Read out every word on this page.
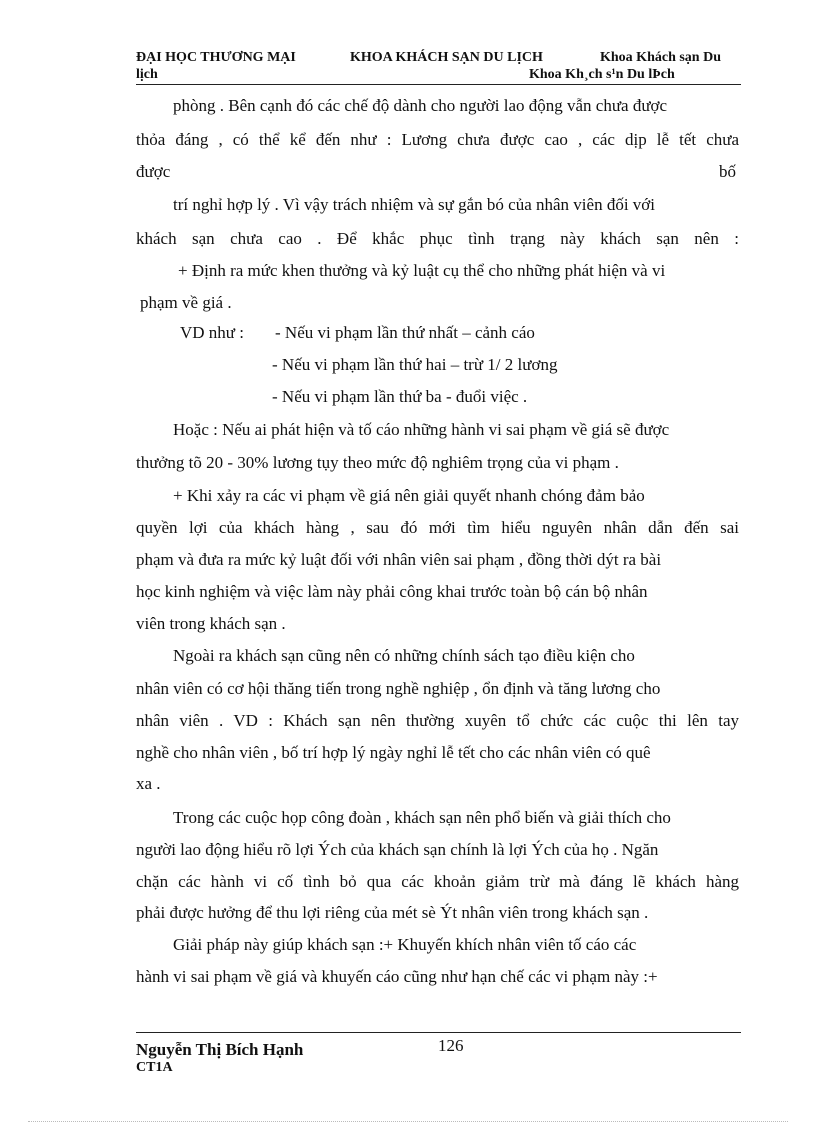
ĐẠI HỌC THƯƠNG MẠI	KHOA KHÁCH SẠN DU LỊCH	Khoa Khách sạn Du
lịch	Khoa Kh¸ch s¹n Du lÞch
phòng . Bên cạnh đó các chế độ dành cho người lao động vẫn chưa được
thỏa đáng , có thể kể đến như : Lương chưa được cao , các dịp lễ tết chưa
được	bố
trí nghỉ hợp lý . Vì vậy trách nhiệm và sự gắn bó của nhân viên đối với
khách sạn chưa cao . Để khắc phục tình trạng này khách sạn nên :
+ Định ra mức khen thưởng và kỷ luật cụ thể cho những phát hiện và vi
phạm về giá .
VD như :	- Nếu vi phạm lần thứ nhất – cảnh cáo
- Nếu vi phạm lần thứ hai – trừ 1/ 2 lương
- Nếu vi phạm lần thứ ba - đuổi việc .
Hoặc : Nếu ai phát hiện và tố cáo những hành vi sai phạm về giá sẽ được
thưởng tõ 20 - 30% lương tụy theo mức độ nghiêm trọng của vi phạm .
+ Khi xảy ra các vi phạm về giá nên giải quyết nhanh chóng đảm bảo
quyền lợi của khách hàng , sau đó mới tìm hiểu nguyên nhân dẫn đến sai
phạm và đưa ra mức kỷ luật đối với nhân viên sai phạm , đồng thời dýt ra bài
học kinh nghiệm và việc làm này phải công khai trước toàn bộ cán bộ nhân
viên trong khách sạn .
Ngoài ra khách sạn cũng nên có những chính sách tạo điều kiện cho
nhân viên có cơ hội thăng tiến trong nghề nghiệp , ổn định và tăng lương cho
nhân viên . VD : Khách sạn nên thường xuyên tổ chức các cuộc thi lên tay
nghề cho nhân viên , bố trí hợp lý ngày nghỉ lễ tết cho các nhân viên có quê
xa .
Trong các cuộc họp công đoàn , khách sạn nên phổ biến và giải thích cho
người lao động hiểu rõ lợi Ých của khách sạn chính là lợi Ých của họ . Ngăn
chặn các hành vi cố tình bỏ qua các khoản giảm trừ mà đáng lẽ khách hàng
phải được hưởng để thu lợi riêng của mét sè Ýt nhân viên trong khách sạn .
Giải pháp này giúp khách sạn :+ Khuyến khích nhân viên tố cáo các
hành vi sai phạm về giá và khuyến cáo cũng như hạn chế các vi phạm này :+
Nguyễn Thị Bích Hạnh	126
CT1A
